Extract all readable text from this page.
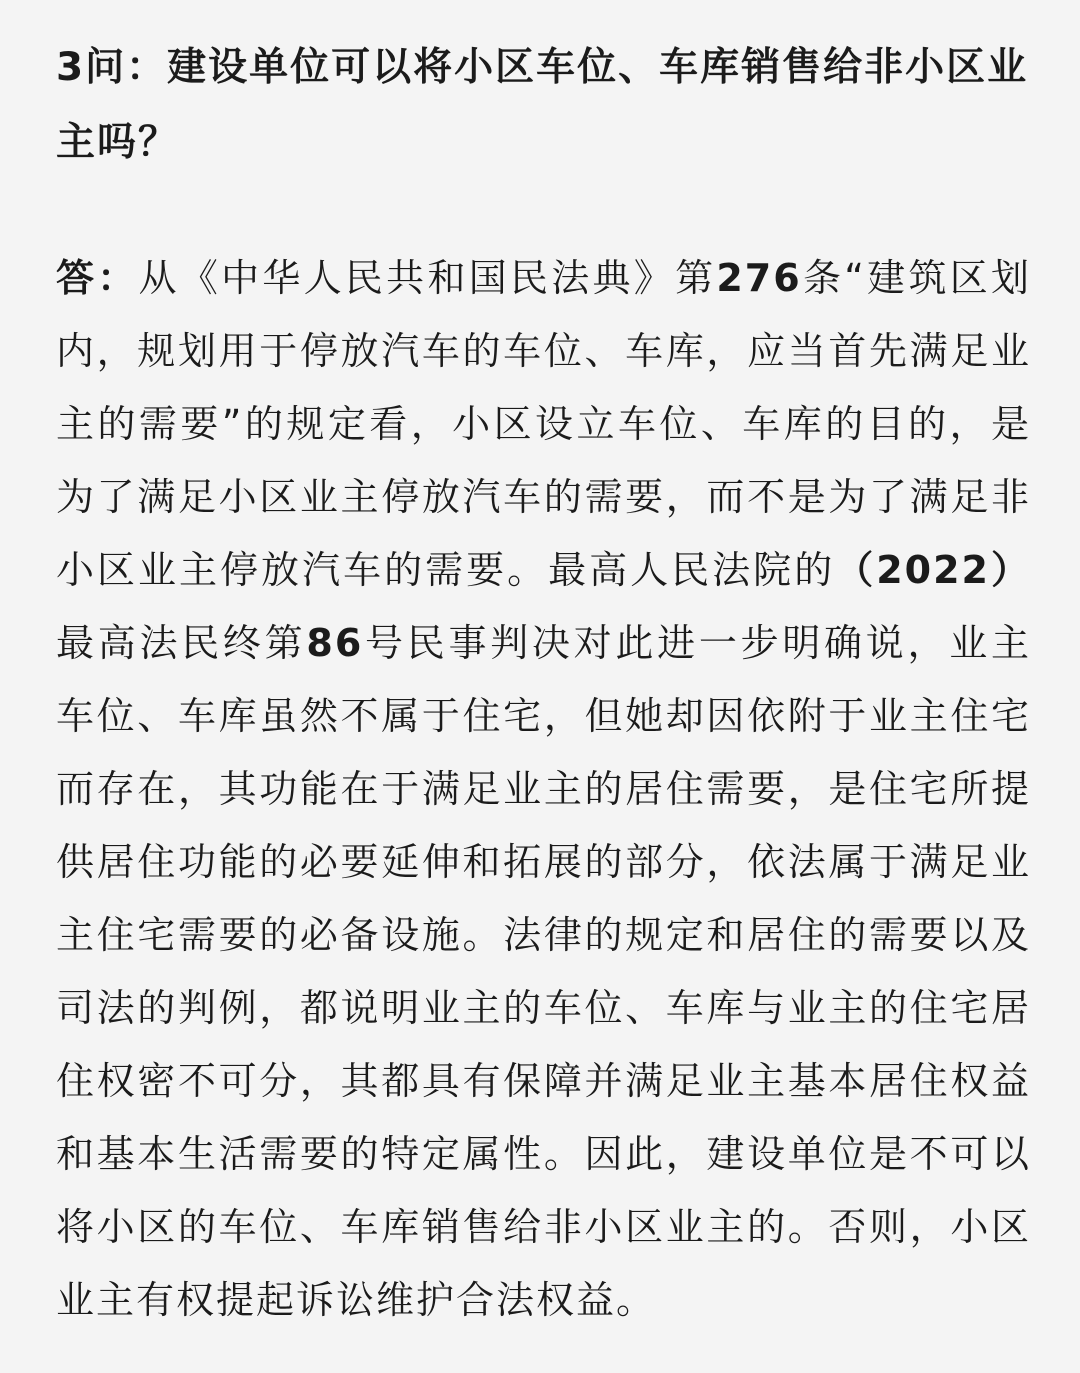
3问：建设单位可以将小区车位、车库销售给非小区业主吗？

答：从《中华人民共和国民法典》第276条“建筑区划内，规划用于停放汽车的车位、车库，应当首先满足业主的需要”的规定看，小区设立车位、车库的目的，是为了满足小区业主停放汽车的需要，而不是为了满足非小区业主停放汽车的需要。最高人民法院的（2022）最高法民终第86号民事判决对此进一步明确说，业主车位、车库虽然不属于住宅，但她却因依附于业主住宅而存在，其功能在于满足业主的居住需要，是住宅所提供居住功能的必要延伸和拓展的部分，依法属于满足业主住宅需要的必备设施。法律的规定和居住的需要以及司法的判例，都说明业主的车位、车库与业主的住宅居住权密不可分，其都具有保障并满足业主基本居住权益和基本生活需要的特定属性。因此，建设单位是不可以将小区的车位、车库销售给非小区业主的。否则，小区业主有权提起诉讼维护合法权益。
